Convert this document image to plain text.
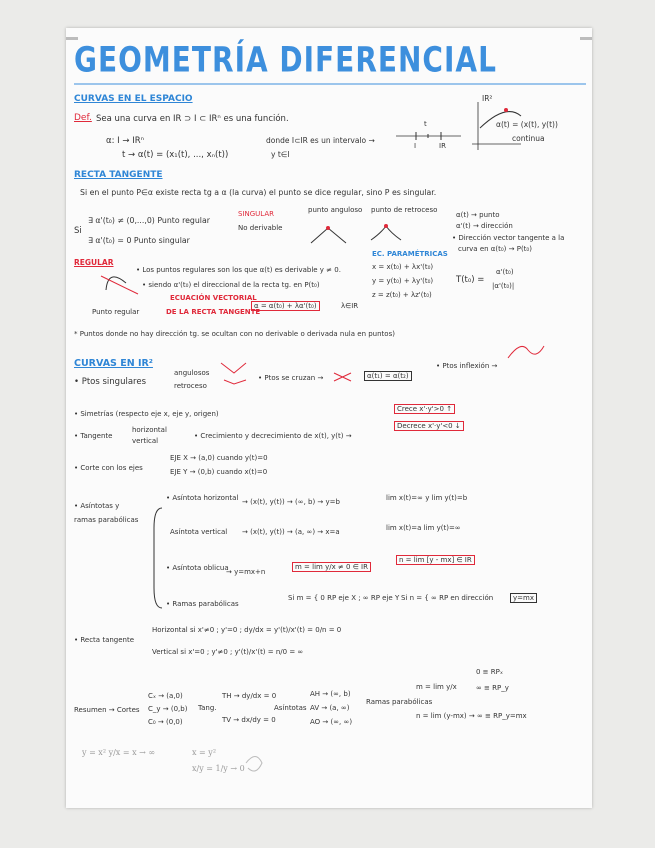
GEOMETRÍA DIFERENCIAL
CURVAS EN EL ESPACIO
Def. Sea una curva en IR ⊃ I ⊂ IRⁿ es una función.
α: I → IRⁿ
t → α(t) = (x₁(t), ..., xₙ(t))
donde I⊂IR es un intervalo →
y t∈I
t
I	IR
IR²
α(t) = (x(t), y(t))
continua
RECTA TANGENTE
Si en el punto P∈α existe recta tg a α (la curva) el punto se dice regular, sino P es singular.
Si
∃ α'(t₀) ≠ (0,...,0) Punto regular
∃ α'(t₀) = 0 Punto singular
SINGULAR
No derivable
punto anguloso punto de retroceso
α(t) → punto
α'(t) → dirección
• Dirección vector tangente a la
curva en α(t₀) → P(t₀)
REGULAR
• Los puntos regulares son los que α(t) es derivable y ≠ 0.
• siendo α'(t₀) el direccional de la recta tg. en P(t₀)
EC. PARAMÉTRICAS
x = x(t₀) + λx'(t₀)
y = y(t₀) + λy'(t₀)
z = z(t₀) + λz'(t₀)
T(t₀) =
α'(t₀)
|α'(t₀)|
ECUACIÓN VECTORIAL
DE LA RECTA TANGENTE
α = α(t₀) + λα'(t₀)	λ∈IR
Punto regular
* Puntos donde no hay dirección tg. se ocultan con no derivable o derivada nula en puntos)
CURVAS EN IR²
• Ptos singulares
angulosos
retroceso
• Ptos se cruzan →	α(t₁) = α(t₂)
• Ptos inflexión →
• Simetrías (respecto eje x, eje y, origen)
Crece x'·y'>0 ↑
Decrece x'·y'<0 ↓
• Tangente
horizontal
vertical
• Crecimiento y decrecimiento de x(t), y(t) →
• Corte con los ejes
EJE X → (a,0) cuando y(t)=0
EJE Y → (0,b) cuando x(t)=0
• Asíntotas y
ramas parabólicas
• Asíntota horizontal → (x(t), y(t)) → (∞, b) → y=b	lim x(t)=∞ y lim y(t)=b
Asíntota vertical → (x(t), y(t)) → (a, ∞) → x=a	lim x(t)=a lim y(t)=∞
• Asíntota oblicua
→ y=mx+n
m = lim y/x ≠ 0 ∈ IR
n = lim [y - mx] ∈ IR
• Ramas parabólicas
Si m = { 0 RP eje X ; ∞ RP eje Y Si n = { ∞ RP en dirección	y=mx
• Recta tangente
Horizontal si x'≠0 ; y'=0 ; dy/dx = y'(t)/x'(t) = 0/n = 0
Vertical si x'=0 ; y'≠0 ; y'(t)/x'(t) = n/0 = ∞
Resumen → Cortes
Cₓ → (a,0)
C_y → (0,b)
C₀ → (0,0)
Tang.
TH → dy/dx = 0
TV → dx/dy = 0
Asíntotas
AH → (∞, b)
AV → (a, ∞)
AO → (∞, ∞)
Ramas parabólicas
m = lim y/x
0 ≡ RPₓ
∞ ≡ RP_y
n = lim (y-mx) → ∞ ≡ RP_y=mx
y = x² y/x = x → ∞	x = y²
x/y = 1/y → 0
